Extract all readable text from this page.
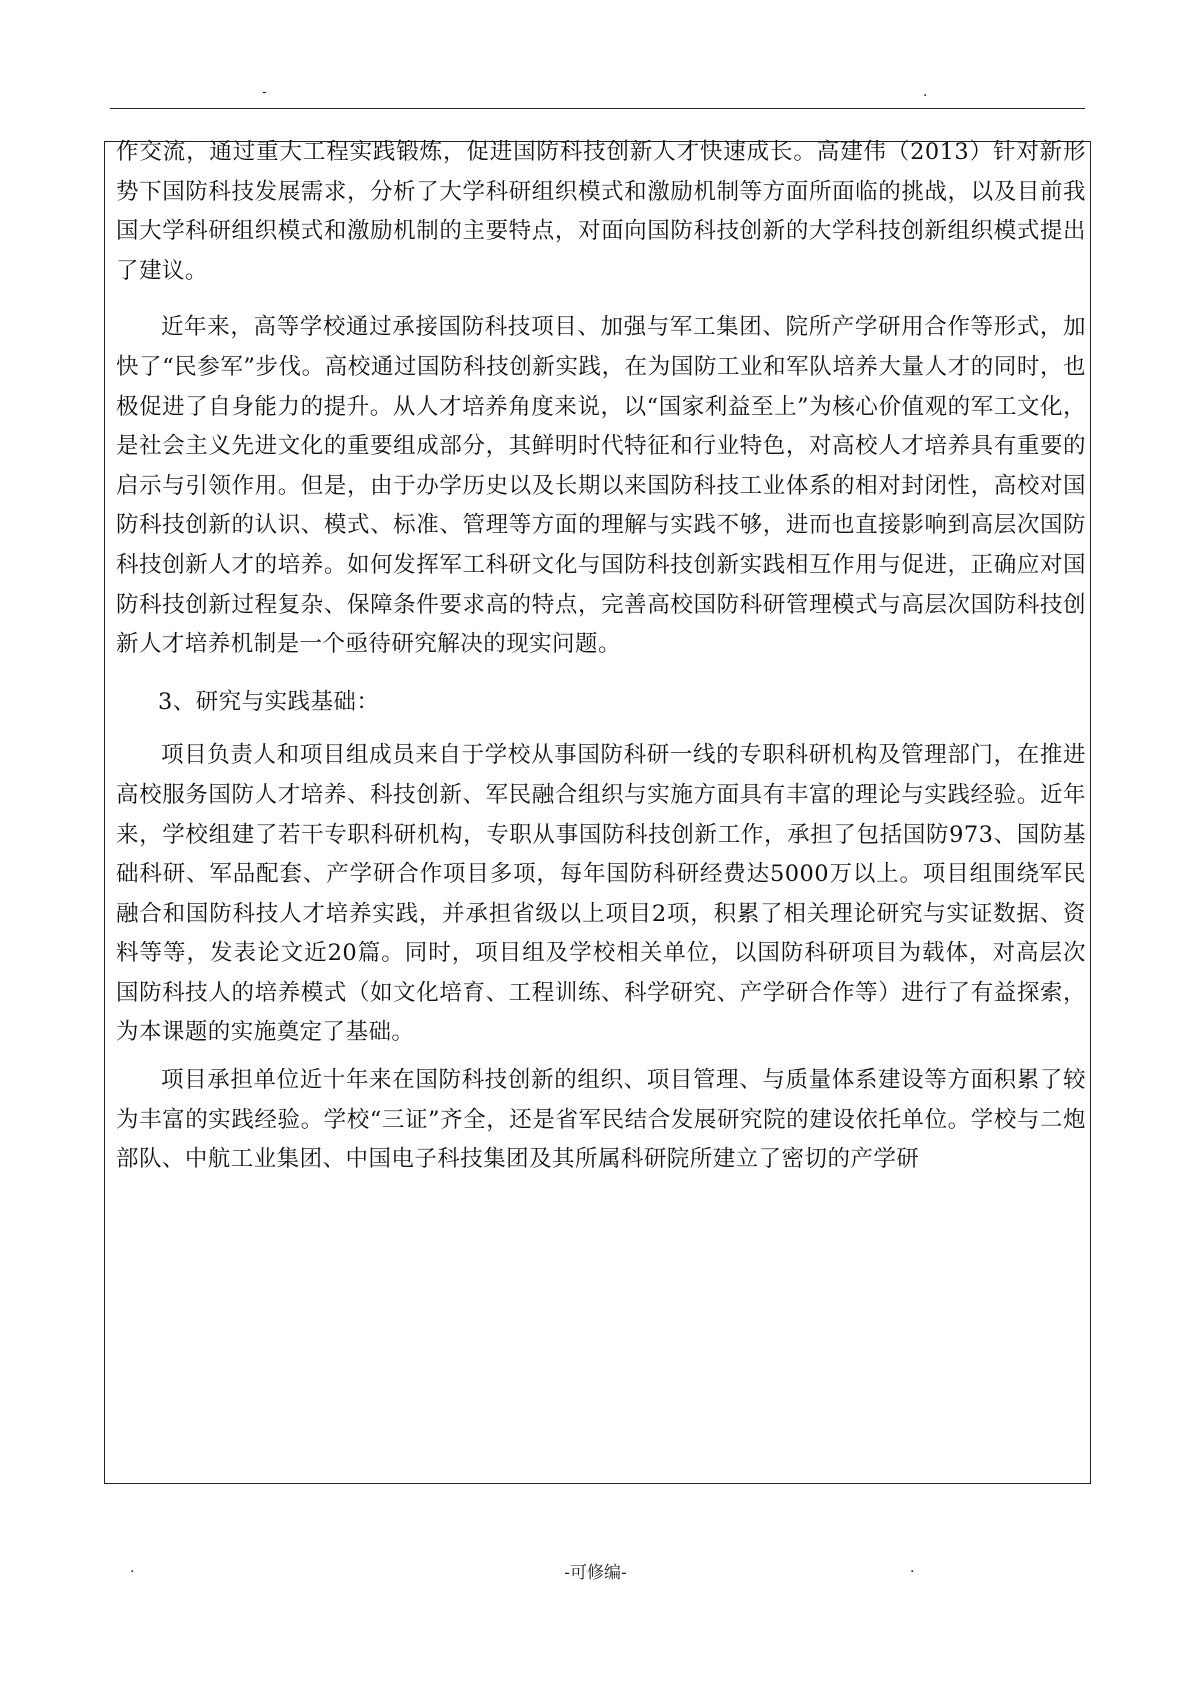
-	.

作交流，通过重大工程实践锻炼，促进国防科技创新人才快速成长。高建伟（2013）针对新形势下国防科技发展需求，分析了大学科研组织模式和激励机制等方面所面临的挑战，以及目前我国大学科研组织模式和激励机制的主要特点，对面向国防科技创新的大学科技创新组织模式提出了建议。

近年来，高等学校通过承接国防科技项目、加强与军工集团、院所产学研用合作等形式，加快了“民参军”步伐。高校通过国防科技创新实践，在为国防工业和军队培养大量人才的同时，也极促进了自身能力的提升。从人才培养角度来说，以“国家利益至上”为核心价值观的军工文化，是社会主义先进文化的重要组成部分，其鲜明时代特征和行业特色，对高校人才培养具有重要的启示与引领作用。但是，由于办学历史以及长期以来国防科技工业体系的相对封闭性，高校对国防科技创新的认识、模式、标准、管理等方面的理解与实践不够，进而也直接影响到高层次国防科技创新人才的培养。如何发挥军工科研文化与国防科技创新实践相互作用与促进，正确应对国防科技创新过程复杂、保障条件要求高的特点，完善高校国防科研管理模式与高层次国防科技创新人才培养机制是一个亟待研究解决的现实问题。

3、研究与实践基础：

项目负责人和项目组成员来自于学校从事国防科研一线的专职科研机构及管理部门，在推进高校服务国防人才培养、科技创新、军民融合组织与实施方面具有丰富的理论与实践经验。近年来，学校组建了若干专职科研机构，专职从事国防科技创新工作，承担了包括国防973、国防基础科研、军品配套、产学研合作项目多项，每年国防科研经费达5000万以上。项目组围绕军民融合和国防科技人才培养实践，并承担省级以上项目2项，积累了相关理论研究与实证数据、资料等等，发表论文近20篇。同时，项目组及学校相关单位，以国防科研项目为载体，对高层次国防科技人的培养模式（如文化培育、工程训练、科学研究、产学研合作等）进行了有益探索，为本课题的实施奠定了基础。

项目承担单位近十年来在国防科技创新的组织、项目管理、与质量体系建设等方面积累了较为丰富的实践经验。学校“三证”齐全，还是省军民结合发展研究院的建设依托单位。学校与二炮部队、中航工业集团、中国电子科技集团及其所属科研院所建立了密切的产学研

.	-可修编-	.
